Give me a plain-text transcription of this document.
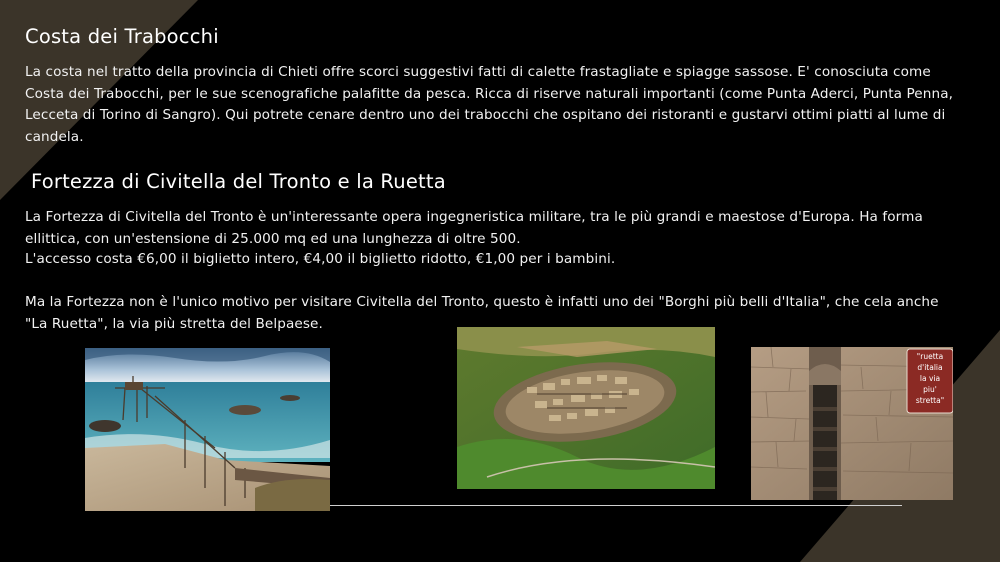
Costa dei Trabocchi

La costa nel tratto della provincia di Chieti offre scorci suggestivi fatti di calette frastagliate e spiagge sassose. E' conosciuta come Costa dei Trabocchi, per le sue scenografiche palafitte da pesca. Ricca di riserve naturali importanti (come Punta Aderci, Punta Penna, Lecceta di Torino di Sangro). Qui potrete cenare dentro uno dei trabocchi che ospitano dei ristoranti e gustarvi ottimi piatti al lume di candela.

Fortezza di Civitella del Tronto e la Ruetta

La Fortezza di Civitella del Tronto è un'interessante opera ingegneristica militare, tra le più grandi e maestose d'Europa. Ha forma ellittica, con un'estensione di 25.000 mq ed una lunghezza di oltre 500.

L'accesso costa €6,00 il biglietto intero, €4,00 il biglietto ridotto, €1,00 per i bambini.

Ma la Fortezza non è l'unico motivo per visitare Civitella del Tronto, questo è infatti uno dei "Borghi più belli d'Italia", che cela anche "La Ruetta", la via più stretta del Belpaese.

"ruetta
d'italia
la via
piu'
stretta"
